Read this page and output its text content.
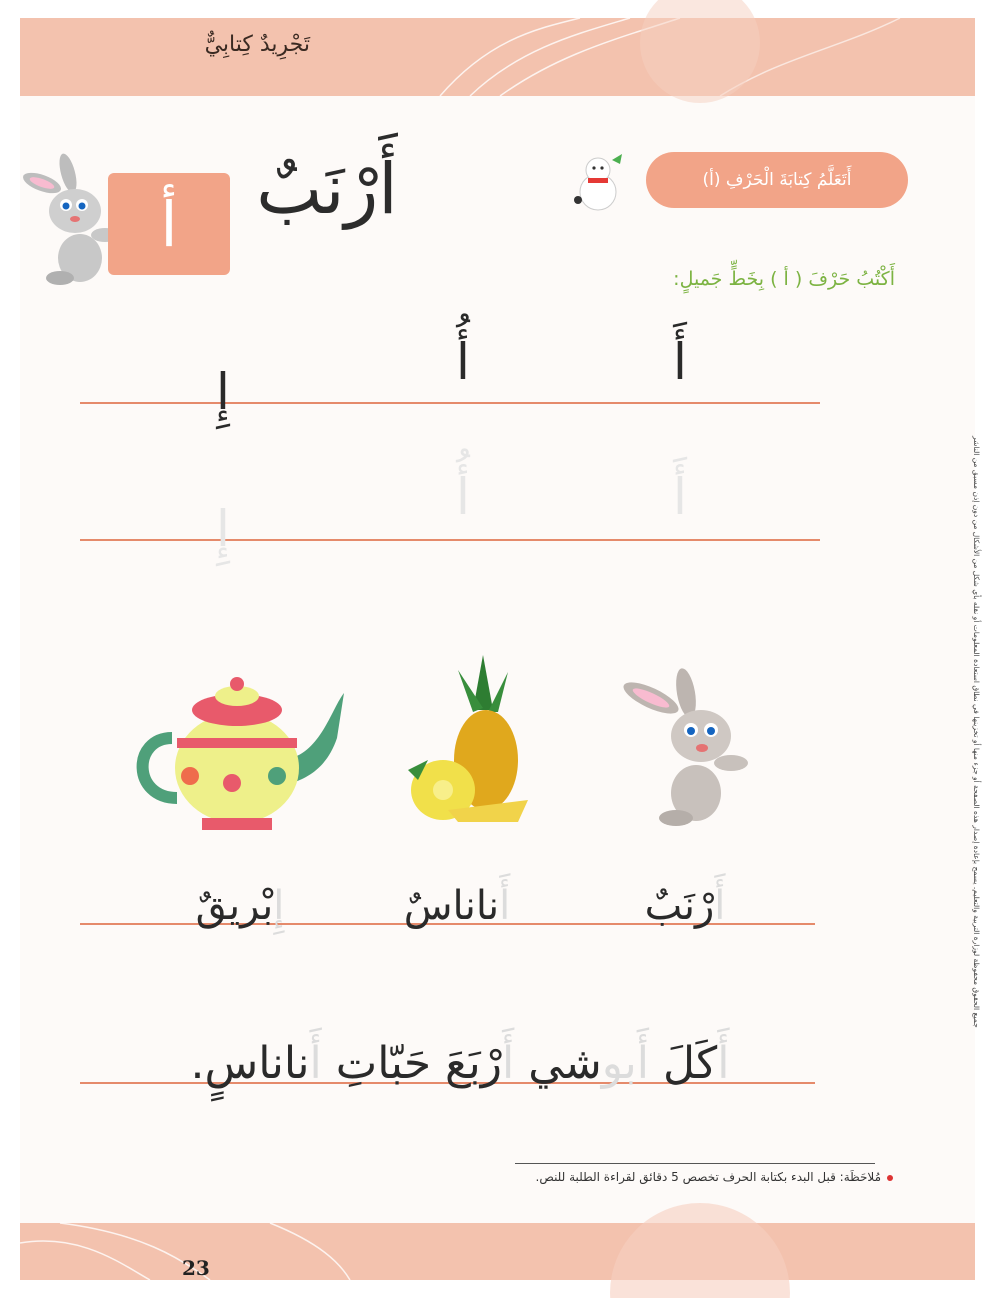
تَجْرِيدٌ كِتابِيٌّ
أَتَعَلَّمُ كِتابَةَ الْحَرْفِ (أ)
أ	أَرْنَبٌ
أَكْتُبُ حَرْفَ ( أ ) بِخَطٍّ جَميلٍ:
أَ
أُ
إِ
أَ
أُ
إِ
أَرْنَبٌ
أَناناسٌ
إِبْريقٌ
أَكَلَ أَبوشي أَرْبَعَ حَبّاتِ أَناناسٍ.
مُلاحَظَة: قبل البدء بكتابة الحرف تخصص 5 دقائق لقراءة الطلبة للنص.
جميع الحقوق محفوظة لوزارة التربية والتعليم. يسمح بإعادة إصدار هذه الصفحة أو جزء منها أو تخزينها في نطاق استعادة المعلومات أو نقله بأي شكل من الأشكال من دون إذن مسبق من الناشر
23
